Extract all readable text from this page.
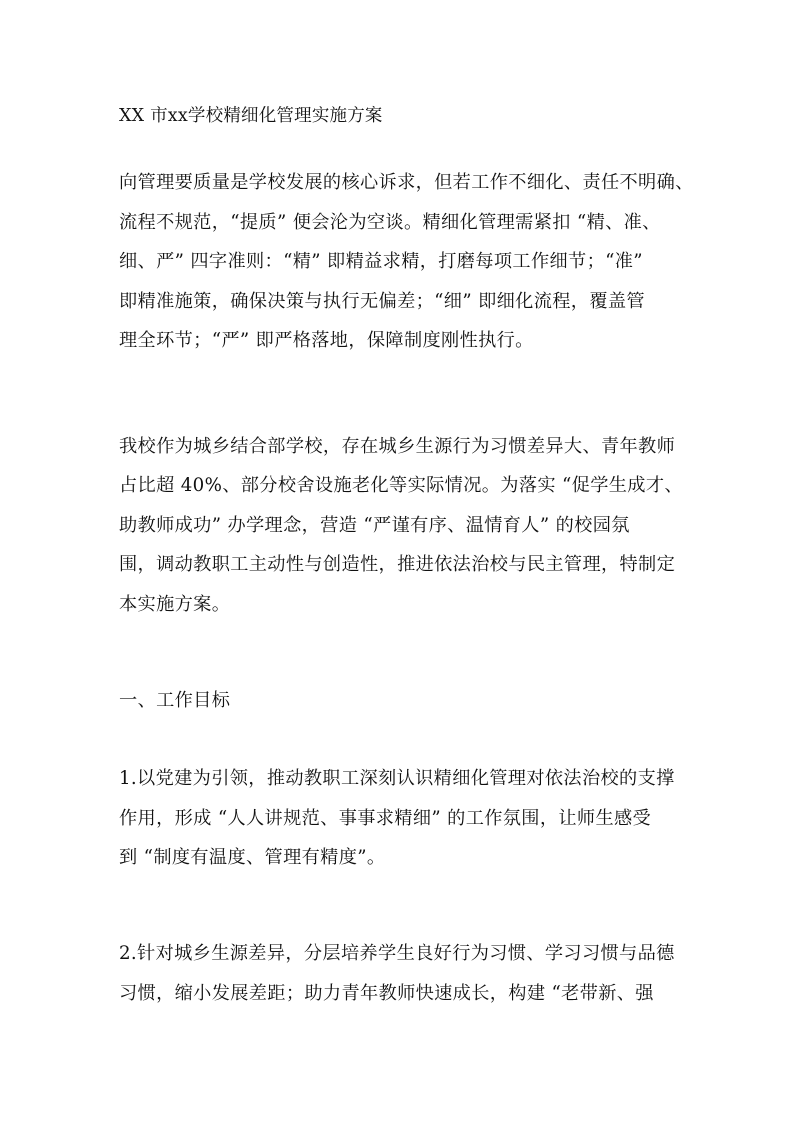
XX 市xx学校精细化管理实施方案
向管理要质量是学校发展的核心诉求，但若工作不细化、责任不明确、
流程不规范，“提质” 便会沦为空谈。精细化管理需紧扣 “精、准、
细、严” 四字准则：“精” 即精益求精，打磨每项工作细节；“准”
即精准施策，确保决策与执行无偏差；“细” 即细化流程，覆盖管
理全环节；“严” 即严格落地，保障制度刚性执行。
我校作为城乡结合部学校，存在城乡生源行为习惯差异大、青年教师
占比超 40%、部分校舍设施老化等实际情况。为落实 “促学生成才、
助教师成功” 办学理念，营造 “严谨有序、温情育人” 的校园氛
围，调动教职工主动性与创造性，推进依法治校与民主管理，特制定
本实施方案。
一、工作目标
1.以党建为引领，推动教职工深刻认识精细化管理对依法治校的支撑
作用，形成 “人人讲规范、事事求精细” 的工作氛围，让师生感受
到 “制度有温度、管理有精度”。
2.针对城乡生源差异，分层培养学生良好行为习惯、学习习惯与品德
习惯，缩小发展差距；助力青年教师快速成长，构建 “老带新、强
